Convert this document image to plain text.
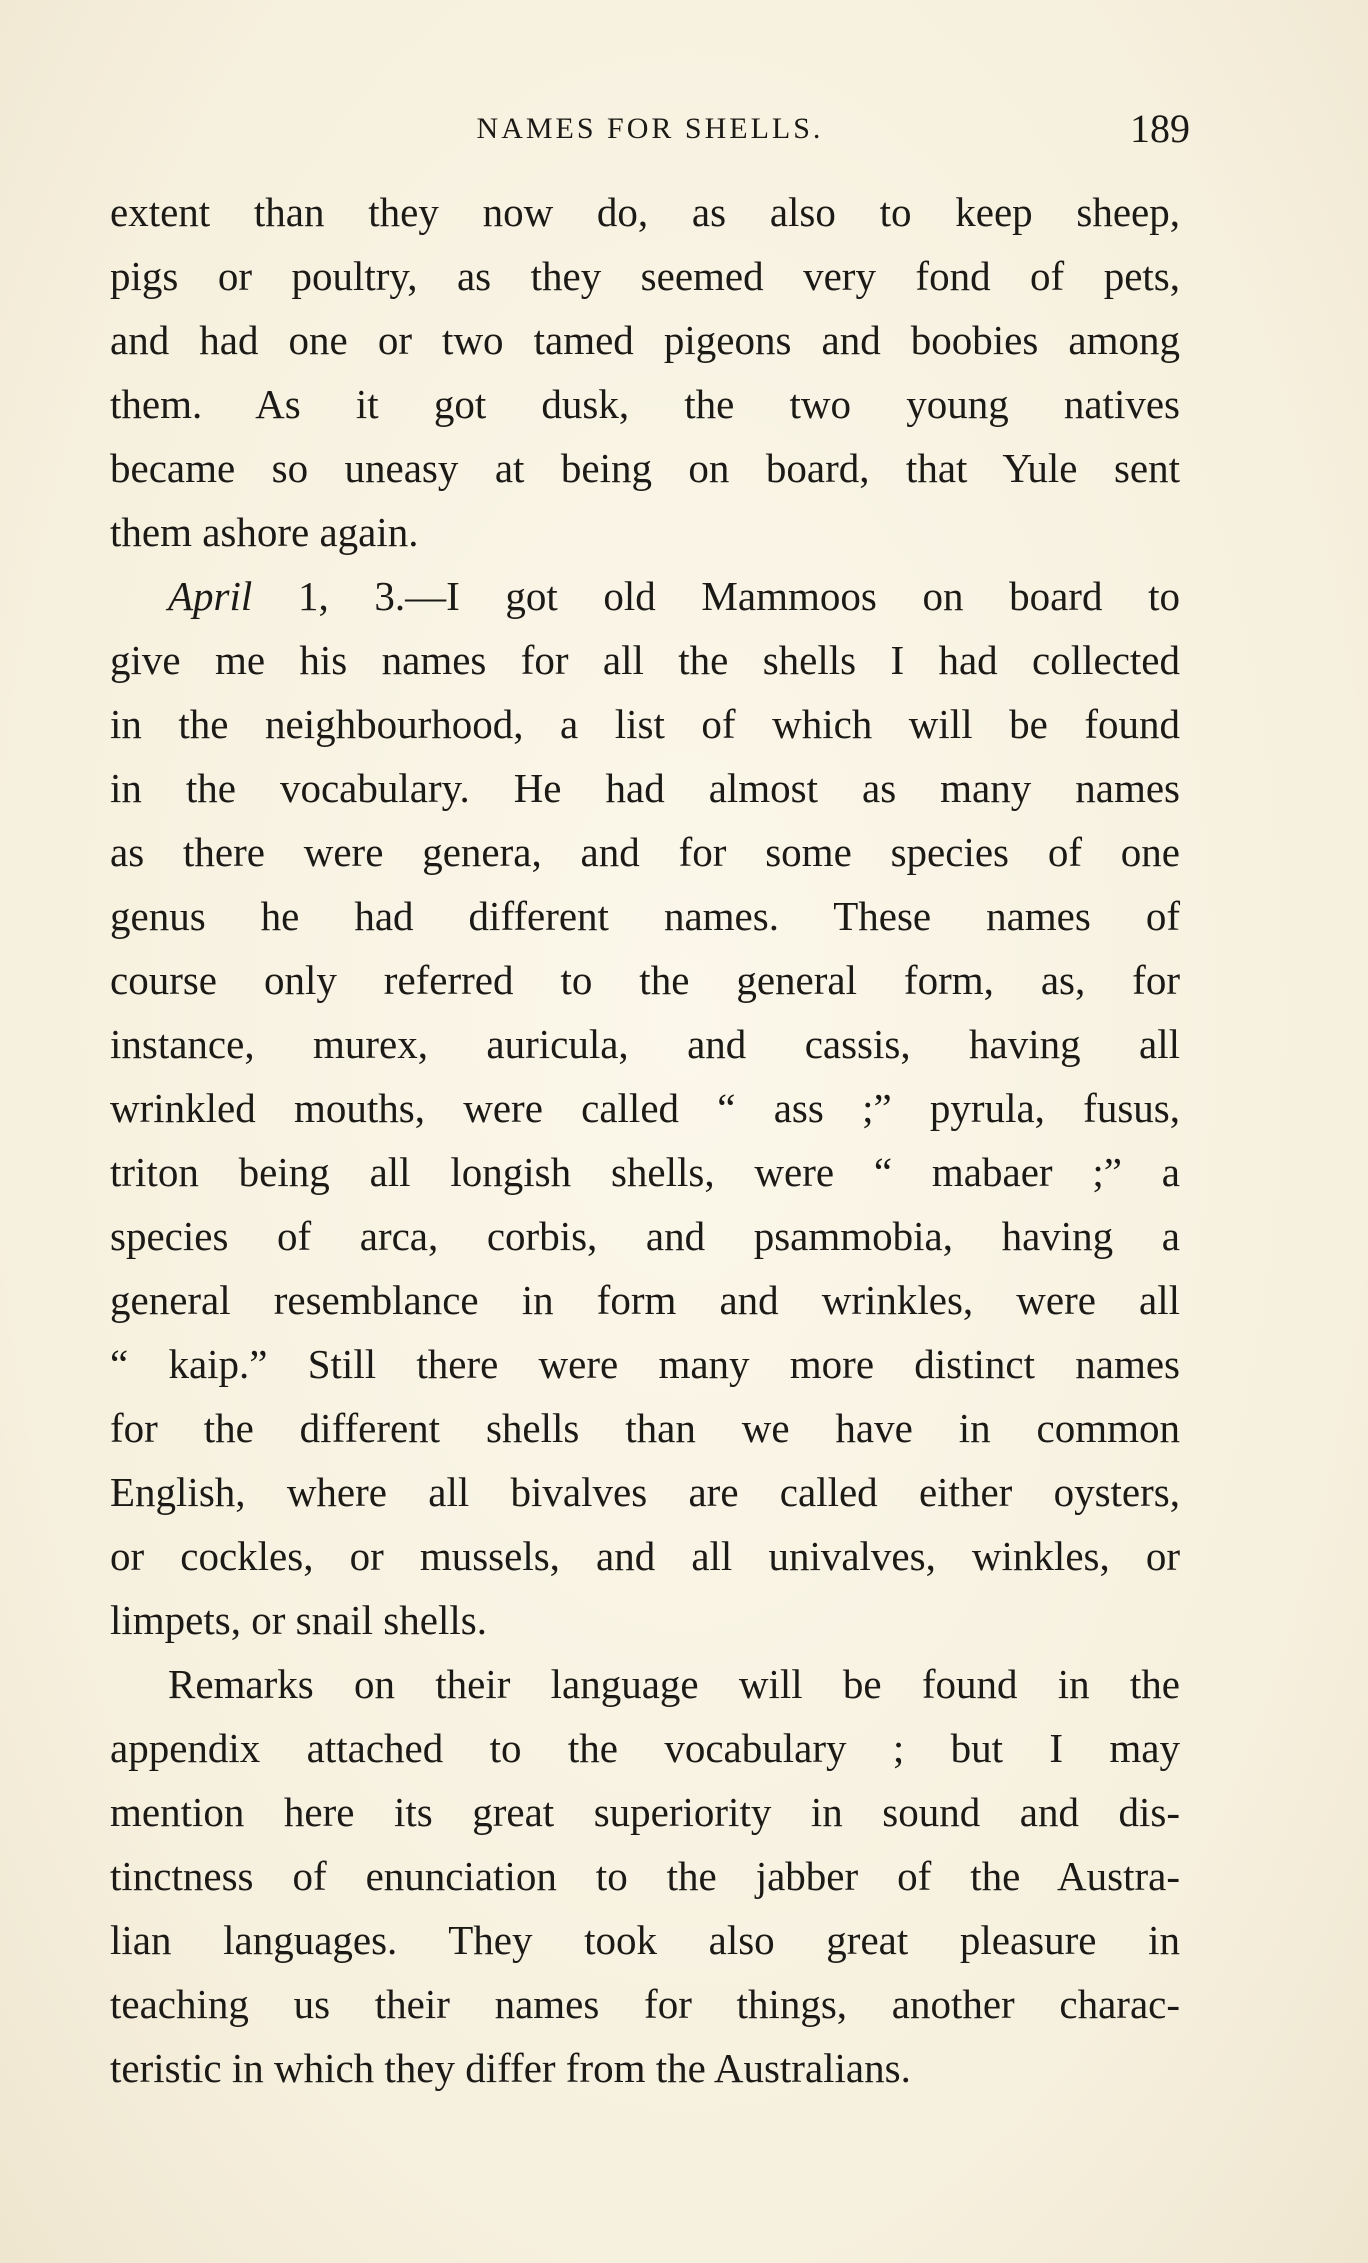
NAMES FOR SHELLS.	189
extent than they now do, as also to keep sheep,
pigs or poultry, as they seemed very fond of pets,
and had one or two tamed pigeons and boobies among
them. As it got dusk, the two young natives
became so uneasy at being on board, that Yule sent
them ashore again.
April 1, 3.—I got old Mammoos on board to
give me his names for all the shells I had collected
in the neighbourhood, a list of which will be found
in the vocabulary. He had almost as many names
as there were genera, and for some species of one
genus he had different names. These names of
course only referred to the general form, as, for
instance, murex, auricula, and cassis, having all
wrinkled mouths, were called “ ass ;” pyrula, fusus,
triton being all longish shells, were “ mabaer ;” a
species of arca, corbis, and psammobia, having a
general resemblance in form and wrinkles, were all
“ kaip.” Still there were many more distinct names
for the different shells than we have in common
English, where all bivalves are called either oysters,
or cockles, or mussels, and all univalves, winkles, or
limpets, or snail shells.
Remarks on their language will be found in the
appendix attached to the vocabulary ; but I may
mention here its great superiority in sound and dis-
tinctness of enunciation to the jabber of the Austra-
lian languages. They took also great pleasure in
teaching us their names for things, another charac-
teristic in which they differ from the Australians.
